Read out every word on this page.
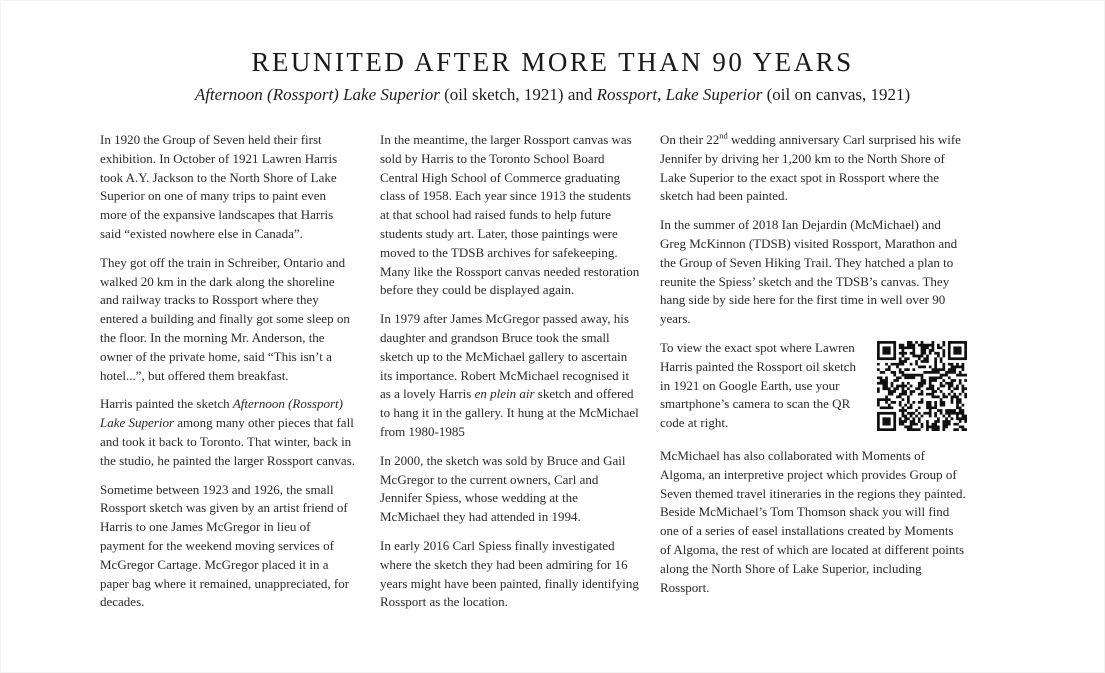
REUNITED AFTER MORE THAN 90 YEARS
Afternoon (Rossport) Lake Superior (oil sketch, 1921) and Rossport, Lake Superior (oil on canvas, 1921)

In 1920 the Group of Seven held their first exhibition. In October of 1921 Lawren Harris took A.Y. Jackson to the North Shore of Lake Superior on one of many trips to paint even more of the expansive landscapes that Harris said “existed nowhere else in Canada”.

They got off the train in Schreiber, Ontario and walked 20 km in the dark along the shoreline and railway tracks to Rossport where they entered a building and finally got some sleep on the floor. In the morning Mr. Anderson, the owner of the private home, said “This isn’t a hotel...”, but offered them breakfast.

Harris painted the sketch Afternoon (Rossport) Lake Superior among many other pieces that fall and took it back to Toronto. That winter, back in the studio, he painted the larger Rossport canvas.

Sometime between 1923 and 1926, the small Rossport sketch was given by an artist friend of Harris to one James McGregor in lieu of payment for the weekend moving services of McGregor Cartage. McGregor placed it in a paper bag where it remained, unappreciated, for decades.

In the meantime, the larger Rossport canvas was sold by Harris to the Toronto School Board Central High School of Commerce graduating class of 1958. Each year since 1913 the students at that school had raised funds to help future students study art. Later, those paintings were moved to the TDSB archives for safekeeping. Many like the Rossport canvas needed restoration before they could be displayed again.

In 1979 after James McGregor passed away, his daughter and grandson Bruce took the small sketch up to the McMichael gallery to ascertain its importance. Robert McMichael recognised it as a lovely Harris en plein air sketch and offered to hang it in the gallery. It hung at the McMichael from 1980-1985

In 2000, the sketch was sold by Bruce and Gail McGregor to the current owners, Carl and Jennifer Spiess, whose wedding at the McMichael they had attended in 1994.

In early 2016 Carl Spiess finally investigated where the sketch they had been admiring for 16 years might have been painted, finally identifying Rossport as the location.

On their 22nd wedding anniversary Carl surprised his wife Jennifer by driving her 1,200 km to the North Shore of Lake Superior to the exact spot in Rossport where the sketch had been painted.

In the summer of 2018 Ian Dejardin (McMichael) and Greg McKinnon (TDSB) visited Rossport, Marathon and the Group of Seven Hiking Trail. They hatched a plan to reunite the Spiess’ sketch and the TDSB’s canvas. They hang side by side here for the first time in well over 90 years.

To view the exact spot where Lawren Harris painted the Rossport oil sketch in 1921 on Google Earth, use your smartphone’s camera to scan the QR code at right.

McMichael has also collaborated with Moments of Algoma, an interpretive project which provides Group of Seven themed travel itineraries in the regions they painted. Beside McMichael’s Tom Thomson shack you will find one of a series of easel installations created by Moments of Algoma, the rest of which are located at different points along the North Shore of Lake Superior, including Rossport.
